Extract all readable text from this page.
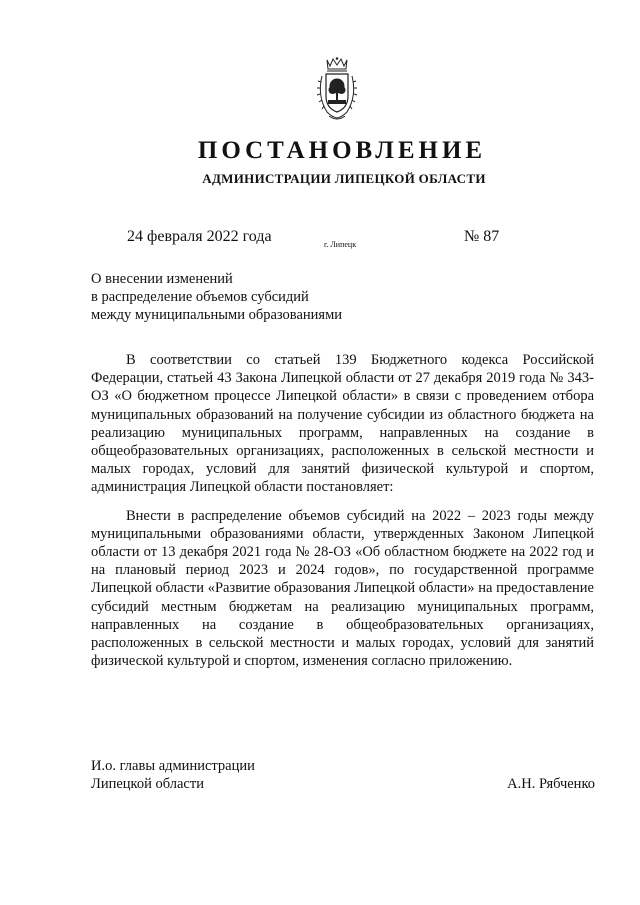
ПОСТАНОВЛЕНИЕ
АДМИНИСТРАЦИИ ЛИПЕЦКОЙ ОБЛАСТИ
24 февраля 2022 года	г. Липецк	№ 87
О внесении изменений
в распределение объемов субсидий
между муниципальными образованиями

В соответствии со статьей 139 Бюджетного кодекса Российской Федерации, статьей 43 Закона Липецкой области от 27 декабря 2019 года № 343-ОЗ «О бюджетном процессе Липецкой области» в связи с проведением отбора муниципальных образований на получение субсидии из областного бюджета на реализацию муниципальных программ, направленных на создание в общеобразовательных организациях, расположенных в сельской местности и малых городах, условий для занятий физической культурой и спортом, администрация Липецкой области постановляет:

Внести в распределение объемов субсидий на 2022 – 2023 годы между муниципальными образованиями области, утвержденных Законом Липецкой области от 13 декабря 2021 года № 28-ОЗ «Об областном бюджете на 2022 год и на плановый период 2023 и 2024 годов», по государственной программе Липецкой области «Развитие образования Липецкой области» на предоставление субсидий местным бюджетам на реализацию муниципальных программ, направленных на создание в общеобразовательных организациях, расположенных в сельской местности и малых городах, условий для занятий физической культурой и спортом, изменения согласно приложению.

И.о. главы администрации
Липецкой области	А.Н. Рябченко
